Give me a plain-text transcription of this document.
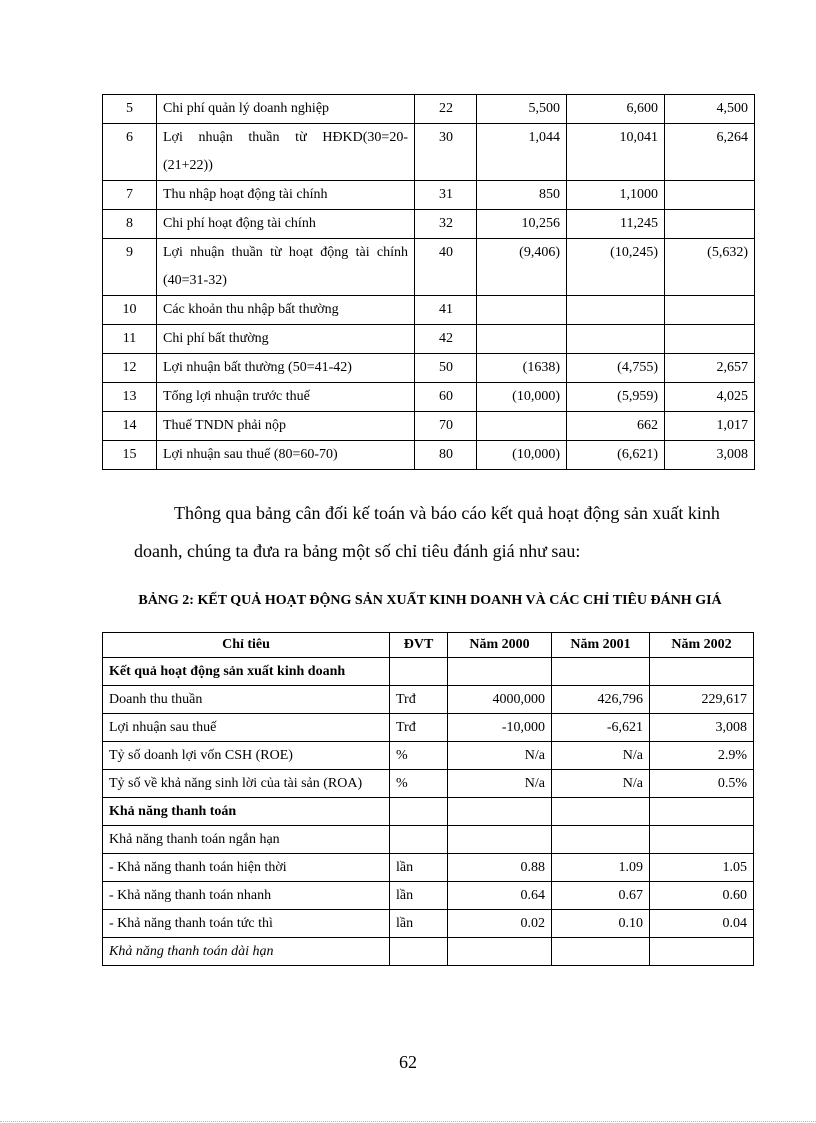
5	Chi phí quản lý doanh nghiệp	22	5,500	6,600	4,500
6	Lợi nhuận thuần từ HĐKD(30=20-(21+22))	30	1,044	10,041	6,264
7	Thu nhập hoạt động tài chính	31	850	1,1000	
8	Chi phí hoạt động tài chính	32	10,256	11,245	
9	Lợi nhuận thuần từ hoạt động tài chính (40=31-32)	40	(9,406)	(10,245)	(5,632)
10	Các khoản thu nhập bất thường	41			
11	Chi phí bất thường	42			
12	Lợi nhuận bất thường (50=41-42)	50	(1638)	(4,755)	2,657
13	Tổng lợi nhuận trước thuế	60	(10,000)	(5,959)	4,025
14	Thuế TNDN phải nộp	70		662	1,017
15	Lợi nhuận sau thuế (80=60-70)	80	(10,000)	(6,621)	3,008

Thông qua bảng cân đối kế toán và báo cáo kết quả hoạt động sản xuất kinh doanh, chúng ta đưa ra bảng một số chỉ tiêu đánh giá như sau:

BẢNG 2: KẾT QUẢ HOẠT ĐỘNG SẢN XUẤT KINH DOANH VÀ CÁC CHỈ TIÊU ĐÁNH GIÁ

Chỉ tiêu	ĐVT	Năm 2000	Năm 2001	Năm 2002
Kết quả hoạt động sản xuất kinh doanh				
Doanh thu thuần	Trđ	4000,000	426,796	229,617
Lợi nhuận sau thuế	Trđ	-10,000	-6,621	3,008
Tỷ số doanh lợi vốn CSH (ROE)	%	N/a	N/a	2.9%
Tỷ số về khả năng sinh lời của tài sản (ROA)	%	N/a	N/a	0.5%
Khả năng thanh toán				
Khả năng thanh toán ngắn hạn				
- Khả năng thanh toán hiện thời	lần	0.88	1.09	1.05
- Khả năng thanh toán nhanh	lần	0.64	0.67	0.60
- Khả năng thanh toán tức thì	lần	0.02	0.10	0.04
Khả năng thanh toán dài hạn				
62
